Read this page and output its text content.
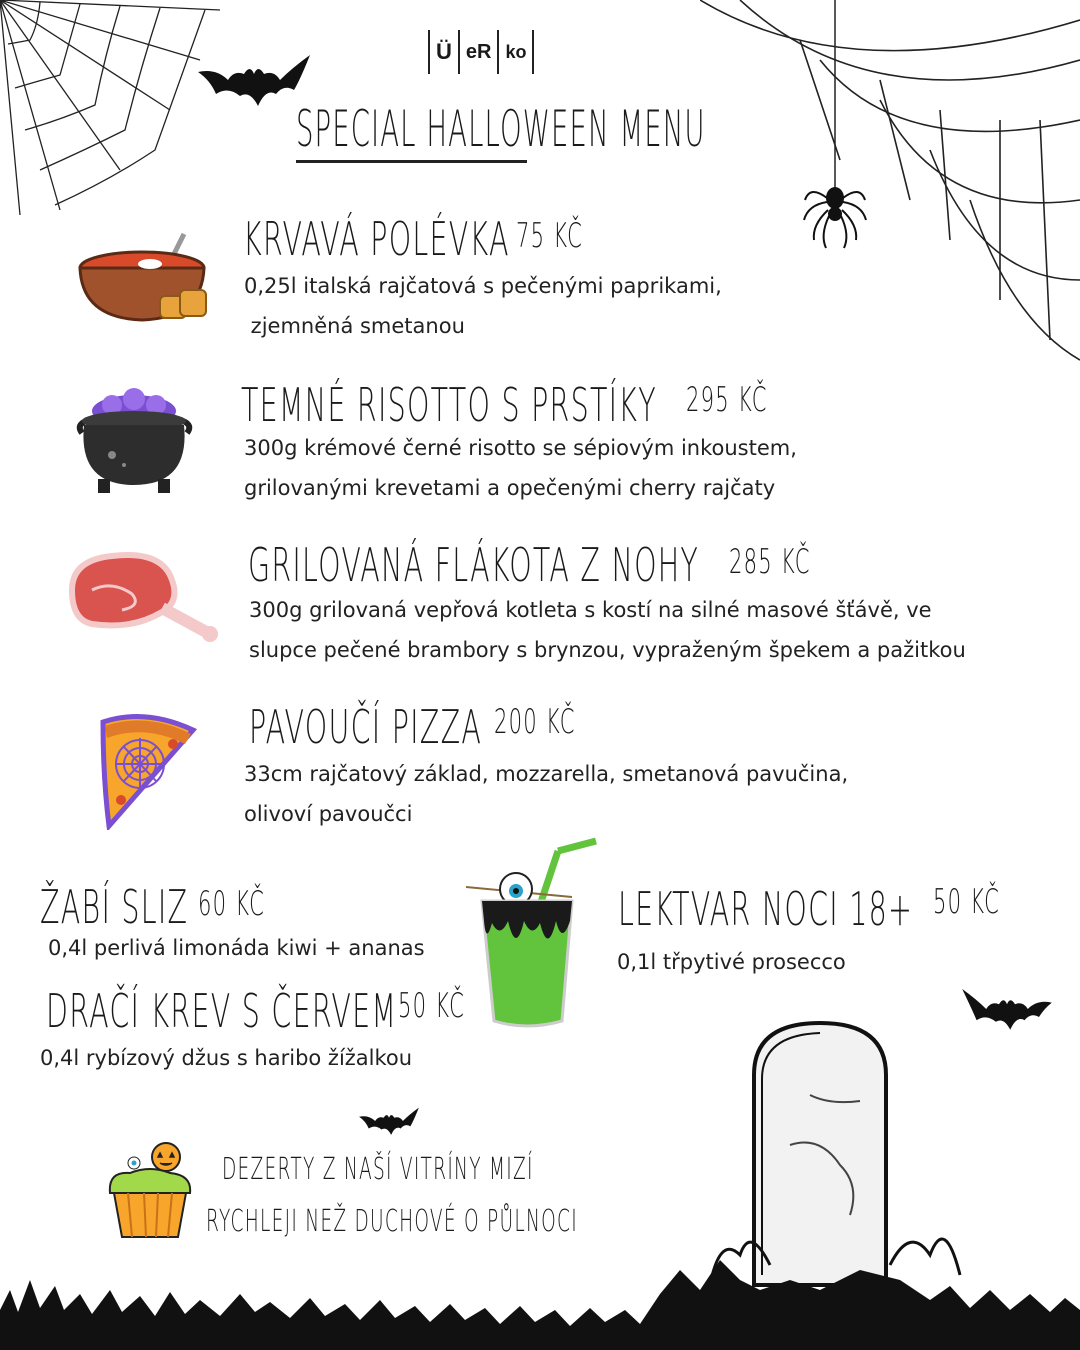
Ü eR ko
SPECIAL HALLOWEEN MENU
KRVAVÁ POLÉVKA 75 KČ
0,25l italská rajčatová s pečenými paprikami,
zjemněná smetanou
TEMNÉ RISOTTO S PRSTÍKY 295 KČ
300g krémové černé risotto se sépiovým inkoustem,
grilovanými krevetami a opečenými cherry rajčaty
GRILOVANÁ FLÁKOTA Z NOHY 285 KČ
300g grilovaná vepřová kotleta s kostí na silné masové šťávě, ve
slupce pečené brambory s brynzou, vypraženým špekem a pažitkou
PAVOUČÍ PIZZA 200 KČ
33cm rajčatový základ, mozzarella, smetanová pavučina,
olivoví pavoučci
ŽABÍ SLIZ 60 KČ
0,4l perlivá limonáda kiwi + ananas
DRAČÍ KREV S ČERVEM 50 KČ
0,4l rybízový džus s haribo žížalkou
LEKTVAR NOCI 18+ 50 KČ
0,1l třpytivé prosecco
DEZERTY Z NAŠÍ VITRÍNY MIZÍ
RYCHLEJI NEŽ DUCHOVÉ O PŮLNOCI
